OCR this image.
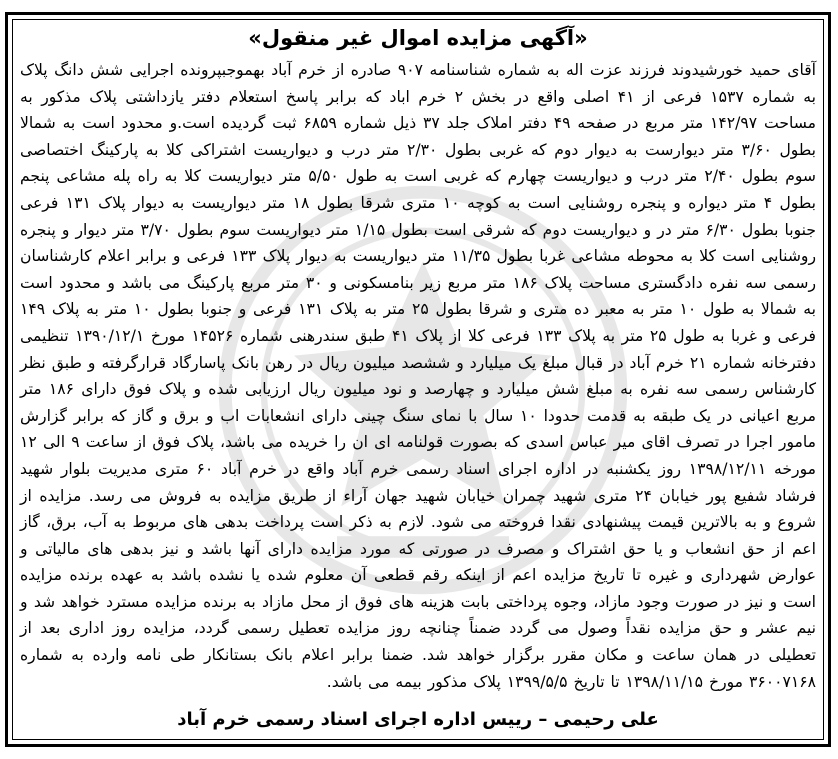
«آگهی مزایده اموال غیر منقول»

آقای حمید خورشیدوند فرزند عزت اله به شماره شناسنامه ۹۰۷ صادره از خرم آباد بهموجبپرونده اجرایی شش دانگ پلاک به شماره ۱۵۳۷ فرعی از ۴۱ اصلی واقع در بخش ۲ خرم اباد که برابر پاسخ استعلام دفتر یازداشتی پلاک مذکور به مساحت ۱۴۲/۹۷ متر مربع در صفحه ۴۹ دفتر املاک جلد ۳۷ ذیل شماره ۶۸۵۹ ثبت گردیده است.و محدود است به شمالا بطول ۳/۶۰ متر دیوارست به دیوار دوم که غربی بطول ۲/۳۰ متر درب و دیواریست اشتراکی کلا به پارکینگ اختصاصی سوم بطول ۲/۴۰ متر درب و دیواریست چهارم که غربی است به طول ۵/۵۰ متر دیواریست کلا به راه پله مشاعی پنجم بطول ۴ متر دیواره و پنجره روشنایی است به کوچه ۱۰ متری شرقا بطول ۱۸ متر دیواریست به دیوار پلاک ۱۳۱ فرعی جنوبا بطول ۶/۳۰ متر در و دیواریست دوم که شرقی است بطول ۱/۱۵ متر دیواریست سوم بطول ۳/۷۰ متر دیوار و پنجره روشنایی است کلا به محوطه مشاعی غربا بطول ۱۱/۳۵ متر دیواریست به دیوار پلاک ۱۳۳ فرعی و برابر اعلام کارشناسان رسمی سه نفره دادگستری مساحت پلاک ۱۸۶ متر مربع زیر بنامسکونی و ۳۰ متر مربع پارکینگ می باشد و محدود است به شمالا به طول ۱۰ متر به معبر ده متری و شرقا بطول ۲۵ متر به پلاک ۱۳۱ فرعی و جنوبا بطول ۱۰ متر به پلاک ۱۴۹ فرعی و غربا به طول ۲۵ متر به پلاک ۱۳۳ فرعی کلا از پلاک ۴۱ طبق سندرهنی شماره ۱۴۵۲۶ مورخ ۱۳۹۰/۱۲/۱ تنظیمی دفترخانه شماره ۲۱ خرم آباد در قبال مبلغ یک میلیارد و ششصد میلیون ریال در رهن بانک پاسارگاد قرارگرفته و طبق نظر کارشناس رسمی سه نفره به مبلغ شش میلیارد و چهارصد و نود میلیون ریال ارزیابی شده و پلاک فوق دارای ۱۸۶ متر مربع اعیانی در یک طبقه به قدمت حدودا ۱۰ سال با نمای سنگ چینی دارای انشعابات اب و برق و گاز که برابر گزارش مامور اجرا در تصرف اقای میر عباس اسدی که بصورت قولنامه ای ان را خریده می باشد، پلاک فوق از ساعت ۹ الی ۱۲ مورخه ۱۳۹۸/۱۲/۱۱ روز یکشنبه در اداره اجرای اسناد رسمی خرم آباد واقع در خرم آباد ۶۰ متری مدیریت بلوار شهید فرشاد شفیع پور خیابان ۲۴ متری شهید چمران خیابان شهید جهان آراء از طریق مزایده به فروش می رسد. مزایده از شروع و به بالاترین قیمت پیشنهادی نقدا فروخته می شود. لازم به ذکر است پرداخت بدهی های مربوط به آب، برق، گاز اعم از حق انشعاب و یا حق اشتراک و مصرف در صورتی که مورد مزایده دارای آنها باشد و نیز بدهی های مالیاتی و عوارض شهرداری و غیره تا تاریخ مزایده اعم از اینکه رقم قطعی آن معلوم شده یا نشده باشد به عهده برنده مزایده است و نیز در صورت وجود مازاد، وجوه پرداختی بابت هزینه های فوق از محل مازاد به برنده مزایده مسترد خواهد شد و نیم عشر و حق مزایده نقداً وصول می گردد ضمناً چنانچه روز مزایده تعطیل رسمی گردد، مزایده روز اداری بعد از تعطیلی در همان ساعت و مکان مقرر برگزار خواهد شد. ضمنا برابر اعلام بانک بستانکار طی نامه وارده به شماره ۳۶۰۰۷۱۶۸ مورخ ۱۳۹۸/۱۱/۱۵ تا تاریخ ۱۳۹۹/۵/۵ پلاک مذکور بیمه می باشد.

علی رحیمی – رییس اداره اجرای اسناد رسمی خرم آباد
